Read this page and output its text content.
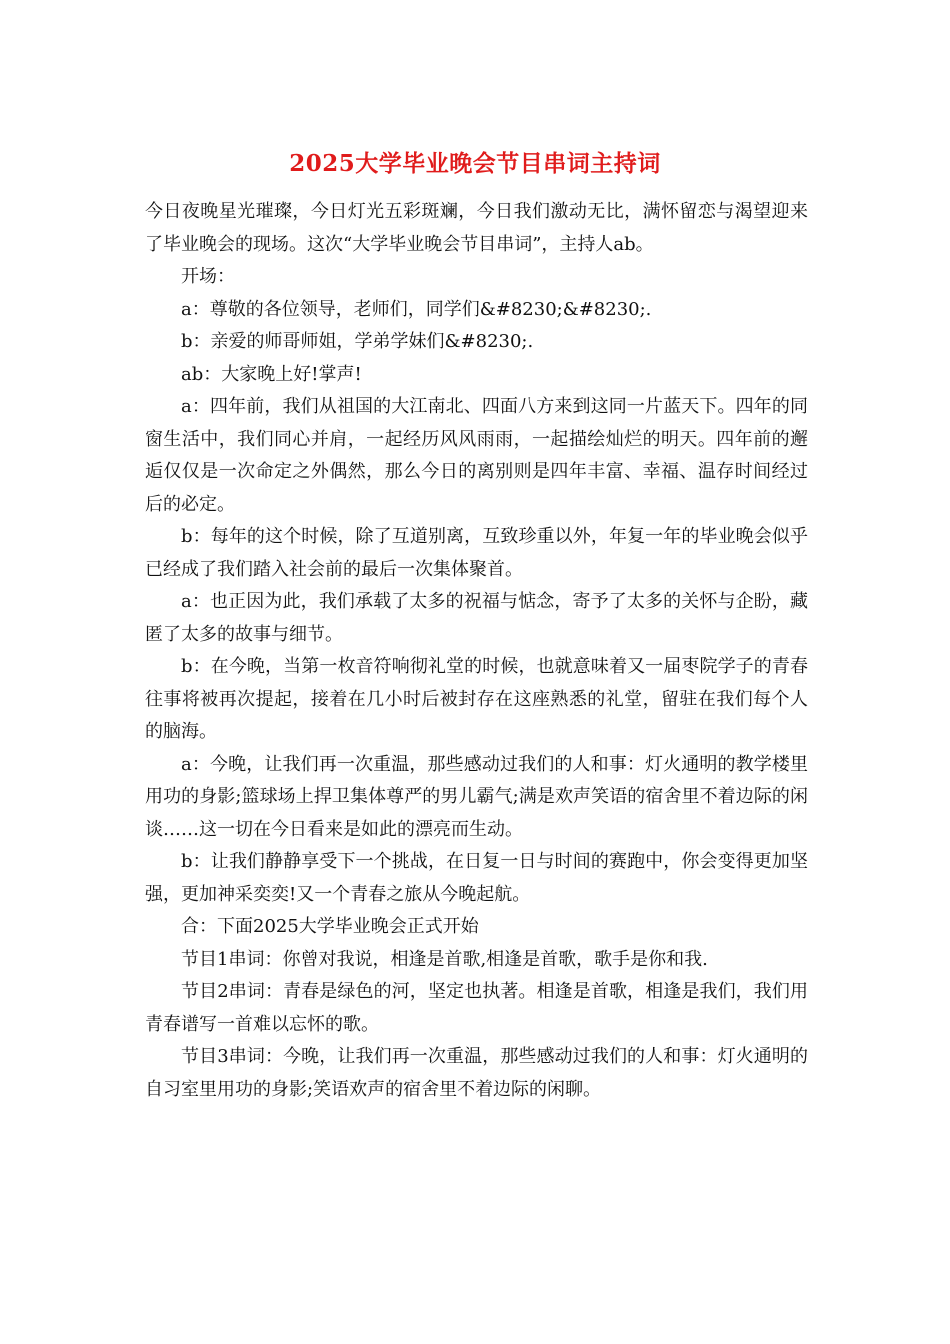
2025大学毕业晚会节目串词主持词

今日夜晚星光璀璨，今日灯光五彩斑斓，今日我们激动无比，满怀留恋与渴望迎来了毕业晚会的现场。这次“大学毕业晚会节目串词”，主持人ab。

开场：

a：尊敬的各位领导，老师们，同学们&#8230;&#8230;.

b：亲爱的师哥师姐，学弟学妹们&#8230;.

ab：大家晚上好!掌声!

a：四年前，我们从祖国的大江南北、四面八方来到这同一片蓝天下。四年的同窗生活中，我们同心并肩，一起经历风风雨雨，一起描绘灿烂的明天。四年前的邂逅仅仅是一次命定之外偶然，那么今日的离别则是四年丰富、幸福、温存时间经过后的必定。

b：每年的这个时候，除了互道别离，互致珍重以外，年复一年的毕业晚会似乎已经成了我们踏入社会前的最后一次集体聚首。

a：也正因为此，我们承载了太多的祝福与惦念，寄予了太多的关怀与企盼，藏匿了太多的故事与细节。

b：在今晚，当第一枚音符响彻礼堂的时候，也就意味着又一届枣院学子的青春往事将被再次提起，接着在几小时后被封存在这座熟悉的礼堂，留驻在我们每个人的脑海。

a：今晚，让我们再一次重温，那些感动过我们的人和事：灯火通明的教学楼里用功的身影;篮球场上捍卫集体尊严的男儿霸气;满是欢声笑语的宿舍里不着边际的闲谈……这一切在今日看来是如此的漂亮而生动。

b：让我们静静享受下一个挑战，在日复一日与时间的赛跑中，你会变得更加坚强，更加神采奕奕!又一个青春之旅从今晚起航。

合：下面2025大学毕业晚会正式开始

节目1串词：你曾对我说，相逢是首歌,相逢是首歌，歌手是你和我.

节目2串词：青春是绿色的河，坚定也执著。相逢是首歌，相逢是我们，我们用青春谱写一首难以忘怀的歌。

节目3串词：今晚，让我们再一次重温，那些感动过我们的人和事：灯火通明的自习室里用功的身影;笑语欢声的宿舍里不着边际的闲聊。
